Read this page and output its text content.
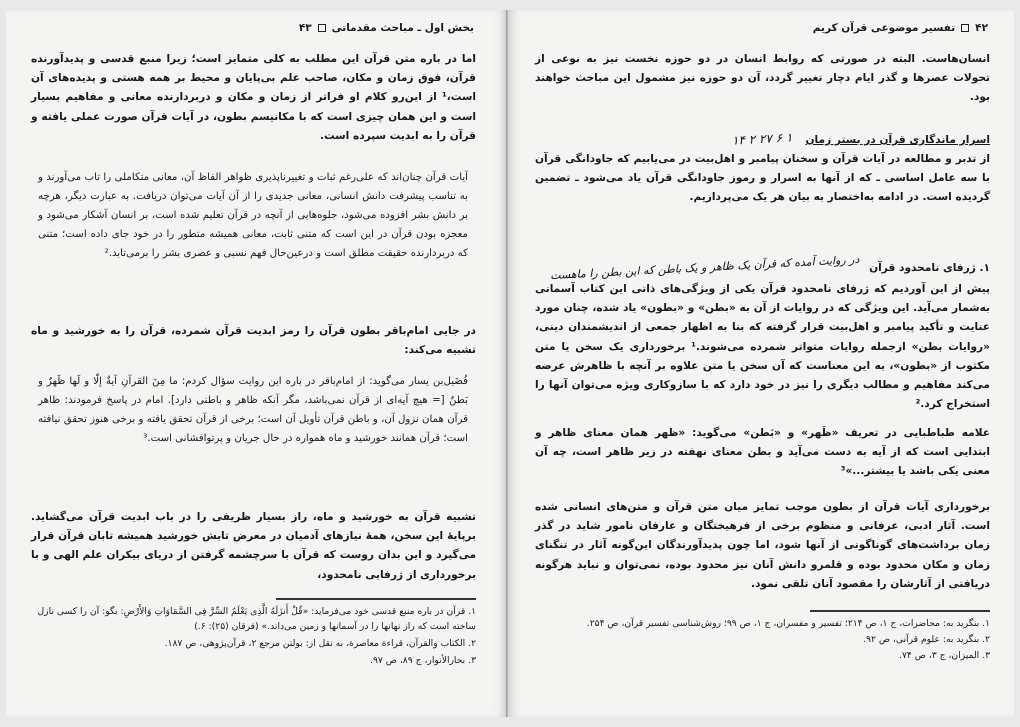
بخش اول ـ مباحث مقدماتی
۴۳
اما در باره متن قرآن این مطلب به کلی متمایز است؛ زیرا منبع قدسی و پدیدآورنده قرآن، فوق زمان و مکان، صاحب علم بی‌پایان و محیط بر همه هستی و پدیده‌های آن است،¹ از این‌رو کلام او فراتر از زمان و مکان و دربردارنده معانی و مفاهیم بسیار است و این همان چیزی است که با مکانیسم بطون، در آیات قرآن صورت عملی یافته و قرآن را به ابدیت سپرده است.
آیات قرآن چنان‌اند که علی‌رغم ثبات و تغییرناپذیری ظواهر الفاظ آن، معانی متکاملی را تاب می‌آورند و به تناسب پیشرفت دانش انسانی، معانی جدیدی را از آن آیات می‌توان دریافت. به عبارت دیگر، هرچه بر دانش بشر افزوده می‌شود، جلوه‌هایی از آنچه در قرآن تعلیم شده است، بر انسان آشکار می‌شود و معجزه بودن قرآن در این است که متنی ثابت، معانی همیشه متطور را در خود جای داده است؛ متنی که دربردارنده حقیقت مطلق است و درعین‌حال فهم نسبی و عصری بشر را برمی‌تابد.²
در جایی امام‌باقر بطون قرآن را رمز ابدیت قرآن شمرده، قرآن را به خورشید و ماه تشبیه می‌کند:
فُضَیل‌بن یسار می‌گوید: از امام‌باقر در باره این روایت سؤال کردم: ما مِنَ القرآنِ آیةٌ إلّا و لَها ظَهرٌ و بَطنٌ [= هیچ آیه‌ای از قرآن نمی‌باشد، مگر آنکه ظاهر و باطنی دارد]. امام در پاسخ فرمودند: ظاهر قرآن همان نزول آن، و باطن قرآن تأویل آن است؛ برخی از قرآن تحقق یافته و برخی هنوز تحقق نیافته است؛ قرآن همانند خورشید و ماه همواره در حال جریان و پرتوافشانی است.³
تشبیه قرآن به خورشید و ماه، راز بسیار ظریفی را در باب ابدیت قرآن می‌گشاید. برپایهٔ این سخن، همهٔ نیازهای آدمیان در معرض تابش خورشید همیشه تابان قرآن قرار می‌گیرد و این بدان روست که قرآن با سرچشمه گرفتن از دریای بیکران علم الهی و با برخورداری از ژرفایی نامحدود،
۱. قرآن در باره منبع قدسی خود می‌فرماید: «قُلْ أَنزَلَهُ الَّذِی یَعْلَمُ السِّرَّ فِی السَّمَاوَاتِ وَالأَرْضِ: بگو: آن را کسی نازل ساخته است که راز نهانها را در آسمانها و زمین می‌داند.» (فرقان (۲۵): ۶.)
۲. الکتاب والقرآن، قراءة معاصرة، به نقل از: بولتن مرجع ۲، قرآن‌پژوهی، ص ۱۸۷.
۳. بحارالأنوار، ج ۸۹، ص ۹۷.
۴۲
تفسیر موضوعی قرآن کریم
انسان‌هاست. البته در صورتی که روابط انسان در دو حوزه نخست نیز به نوعی از تحولات عصرها و گذر ایام دچار تغییر گردد، آن دو حوزه نیز مشمول این مباحث خواهند بود.
اسرار ماندگاری قرآن در بستر زمان ۱ ۶ ۲۷ ۲ ۱۴
از تدبر و مطالعه در آیات قرآن و سخنان پیامبر و اهل‌بیت در می‌یابیم که جاودانگی قرآن با سه عامل اساسی ـ که از آنها به اسرار و رموز جاودانگی قرآن یاد می‌شود ـ تضمین گردیده است. در ادامه به‌اختصار به بیان هر یک می‌پردازیم.
۱. ژرفای نامحدود قرآن در روایت آمده که قرآن یک ظاهر و یک باطن که این بطن را ماهست
پیش از این آوردیم که ژرفای نامحدود قرآن یکی از ویژگی‌های ذاتی این کتاب آسمانی به‌شمار می‌آید. این ویژگی که در روایات از آن به «بطن» و «بطون» یاد شده، چنان مورد عنایت و تأکید پیامبر و اهل‌بیت قرار گرفته که بنا به اظهار جمعی از اندیشمندان دینی، «روایات بطن» ازجمله روایات متواتر شمرده می‌شوند.¹ برخورداری یک سخن یا متن مکتوب از «بطون»، به این معناست که آن سخن یا متن علاوه بر آنچه با ظاهرش عرضه می‌کند مفاهیم و مطالب دیگری را نیز در خود دارد که با سازوکاری ویژه می‌توان آنها را استخراج کرد.²
علامه طباطبایی در تعریف «ظَهر» و «بَطن» می‌گوید: «ظهر همان معنای ظاهر و ابتدایی است که از آیه به دست می‌آید و بطن معنای نهفته در زیر ظاهر است، چه آن معنی یکی باشد یا بیشتر...»³
برخورداری آیات قرآن از بطون موجب تمایز میان متن قرآن و متن‌های انسانی شده است. آثار ادبی، عرفانی و منظوم برخی از فرهیختگان و عارفان نامور شاید در گذر زمان برداشت‌های گوناگونی از آنها شود، اما چون پدیدآورندگان این‌گونه آثار در تنگنای زمان و مکان محدود بوده و قلمرو دانش آنان نیز محدود بوده، نمی‌توان و نباید هرگونه دریافتی از آثارشان را مقصود آنان تلقی نمود.
۱. بنگرید به: محاضرات، ج ۱، ص ۲۱۴؛ تفسیر و مفسران، ج ۱، ص ۹۹؛ روش‌شناسی تفسیر قرآن، ص ۲۵۴.
۲. بنگرید به: علوم قرآنی، ص ۹۲.
۳. المیزان، ج ۳، ص ۷۴.
